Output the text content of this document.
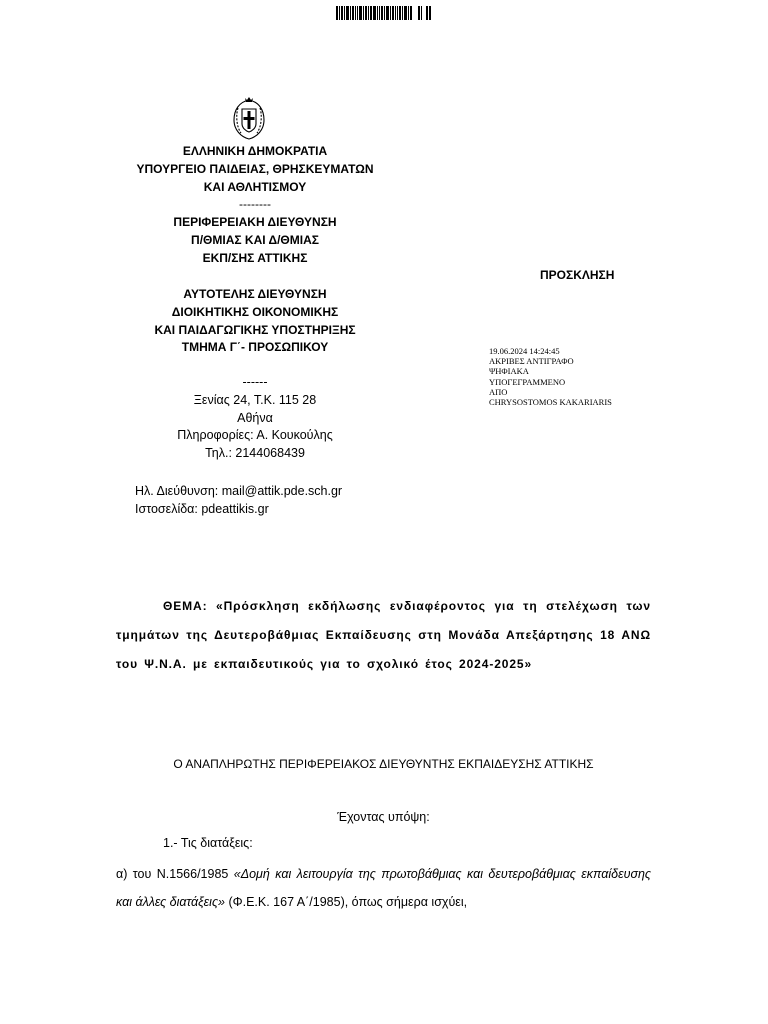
ΕΛΛΗΝΙΚΗ ΔΗΜΟΚΡΑΤΙΑ
ΥΠΟΥΡΓΕΙΟ ΠΑΙΔΕΙΑΣ, ΘΡΗΣΚΕΥΜΑΤΩΝ
ΚΑΙ ΑΘΛΗΤΙΣΜΟΥ
--------
ΠΕΡΙΦΕΡΕΙΑΚΗ ΔΙΕΥΘΥΝΣΗ
Π/ΘΜΙΑΣ ΚΑΙ Δ/ΘΜΙΑΣ
ΕΚΠ/ΣΗΣ ΑΤΤΙΚΗΣ
ΑΥΤΟΤΕΛΗΣ ΔΙΕΥΘΥΝΣΗ
ΔΙΟΙΚΗΤΙΚΗΣ ΟΙΚΟΝΟΜΙΚΗΣ
ΚΑΙ ΠΑΙΔΑΓΩΓΙΚΗΣ ΥΠΟΣΤΗΡΙΞΗΣ
ΤΜΗΜΑ Γ΄- ΠΡΟΣΩΠΙΚΟΥ
------
Ξενίας 24, Τ.Κ. 115 28
Αθήνα
Πληροφορίες: Α. Κουκούλης
Τηλ.: 2144068439
ΠΡΟΣΚΛΗΣΗ
19.06.2024 14:24:45
ΑΚΡΙΒΕΣ ΑΝΤΙΓΡΑΦΟ
ΨΗΦΙΑΚΑ
ΥΠΟΓΕΓΡΑΜΜΕΝΟ
ΑΠΟ
CHRYSOSTOMOS KAKARIARIS
Ηλ. Διεύθυνση: mail@attik.pde.sch.gr
Ιστοσελίδα: pdeattikis.gr
ΘΕΜΑ: «Πρόσκληση εκδήλωσης ενδιαφέροντος για τη στελέχωση των τμημάτων της Δευτεροβάθμιας Εκπαίδευσης στη Μονάδα Απεξάρτησης 18 ΑΝΩ του Ψ.Ν.Α. με εκπαιδευτικούς για το σχολικό έτος 2024-2025»
Ο ΑΝΑΠΛΗΡΩΤΗΣ ΠΕΡΙΦΕΡΕΙΑΚΟΣ ΔΙΕΥΘΥΝΤΗΣ ΕΚΠΑΙΔΕΥΣΗΣ ΑΤΤΙΚΗΣ
Έχοντας υπόψη:
1.- Τις διατάξεις:
α) του Ν.1566/1985 «Δομή και λειτουργία της πρωτοβάθμιας και δευτεροβάθμιας εκπαίδευσης και άλλες διατάξεις» (Φ.Ε.Κ. 167 Α΄/1985), όπως σήμερα ισχύει,
